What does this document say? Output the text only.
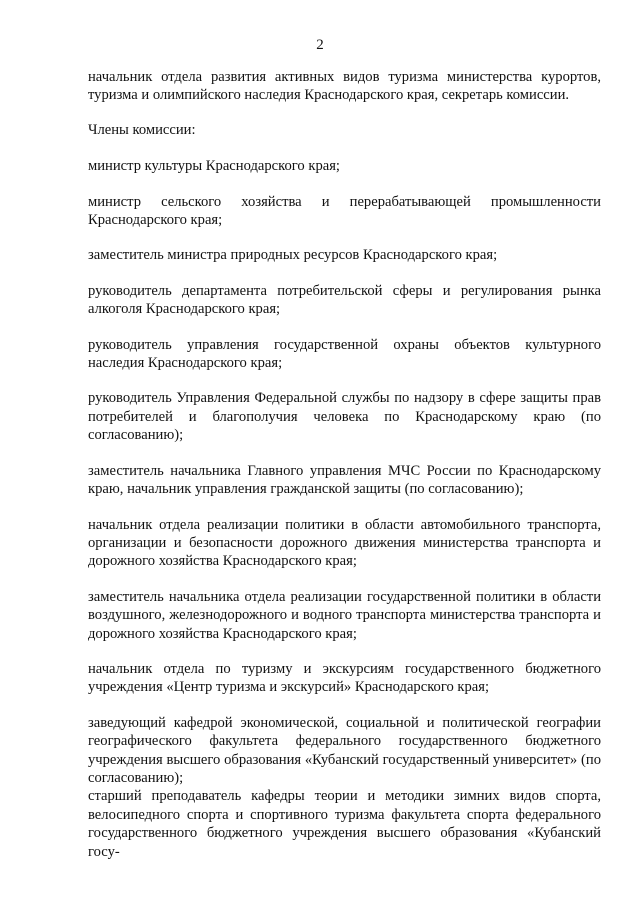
2

начальник отдела развития активных видов туризма министерства курортов, туризма и олимпийского наследия Краснодарского края, секретарь комиссии.

Члены комиссии:

министр культуры Краснодарского края;

министр сельского хозяйства и перерабатывающей промышленности Краснодарского края;

заместитель министра природных ресурсов Краснодарского края;

руководитель департамента потребительской сферы и регулирования рынка алкоголя Краснодарского края;

руководитель управления государственной охраны объектов культурного наследия Краснодарского края;

руководитель Управления Федеральной службы по надзору в сфере защиты прав потребителей и благополучия человека по Краснодарскому краю (по согласованию);

заместитель начальника Главного управления МЧС России по Краснодарскому краю, начальник управления гражданской защиты (по согласованию);

начальник отдела реализации политики в области автомобильного транспорта, организации и безопасности дорожного движения министерства транспорта и дорожного хозяйства Краснодарского края;

заместитель начальника отдела реализации государственной политики в области воздушного, железнодорожного и водного транспорта министерства транспорта и дорожного хозяйства Краснодарского края;

начальник отдела по туризму и экскурсиям государственного бюджетного учреждения «Центр туризма и экскурсий» Краснодарского края;

заведующий кафедрой экономической, социальной и политической географии географического факультета федерального государственного бюджетного учреждения высшего образования «Кубанский государственный университет» (по согласованию);

старший преподаватель кафедры теории и методики зимних видов спорта, велосипедного спорта и спортивного туризма факультета спорта федерального государственного бюджетного учреждения высшего образования «Кубанский госу-
